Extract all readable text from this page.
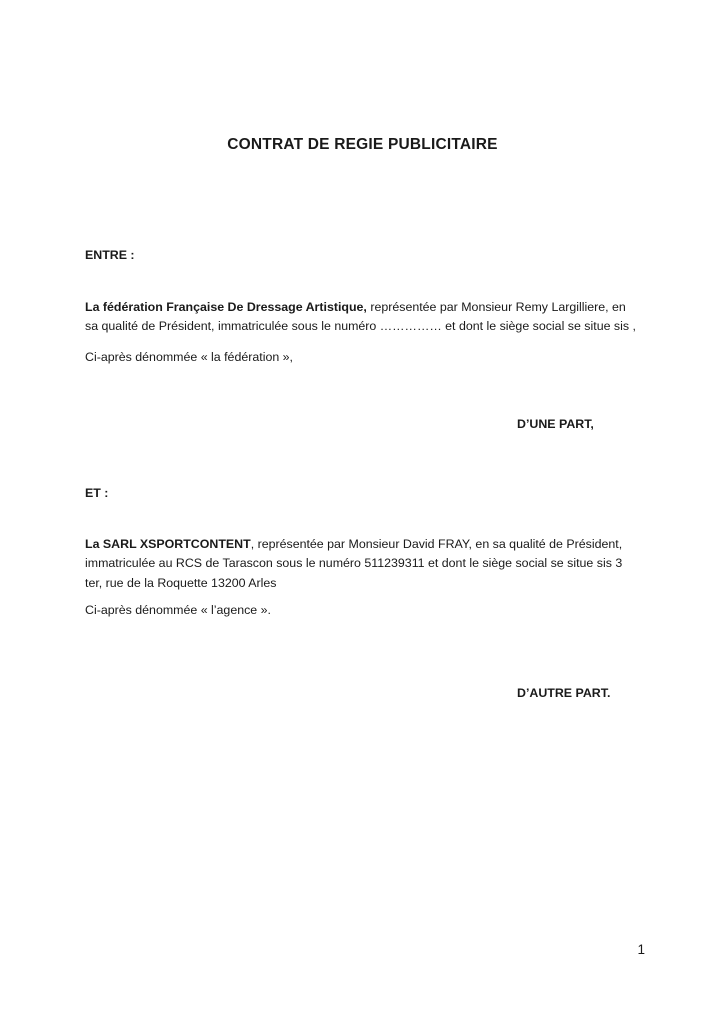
CONTRAT DE REGIE PUBLICITAIRE
ENTRE :
La fédération Française De Dressage Artistique, représentée par Monsieur Remy Largilliere, en sa qualité de Président, immatriculée sous le numéro …………… et dont le siège social se situe sis ,
Ci-après dénommée « la fédération »,
D’UNE PART,
ET :
La SARL XSPORTCONTENT, représentée par Monsieur David FRAY, en sa qualité de Président, immatriculée au RCS de Tarascon sous le numéro 511239311 et dont le siège social se situe sis 3 ter, rue de la Roquette 13200 Arles
Ci-après dénommée « l’agence ».
D’AUTRE PART.
1
